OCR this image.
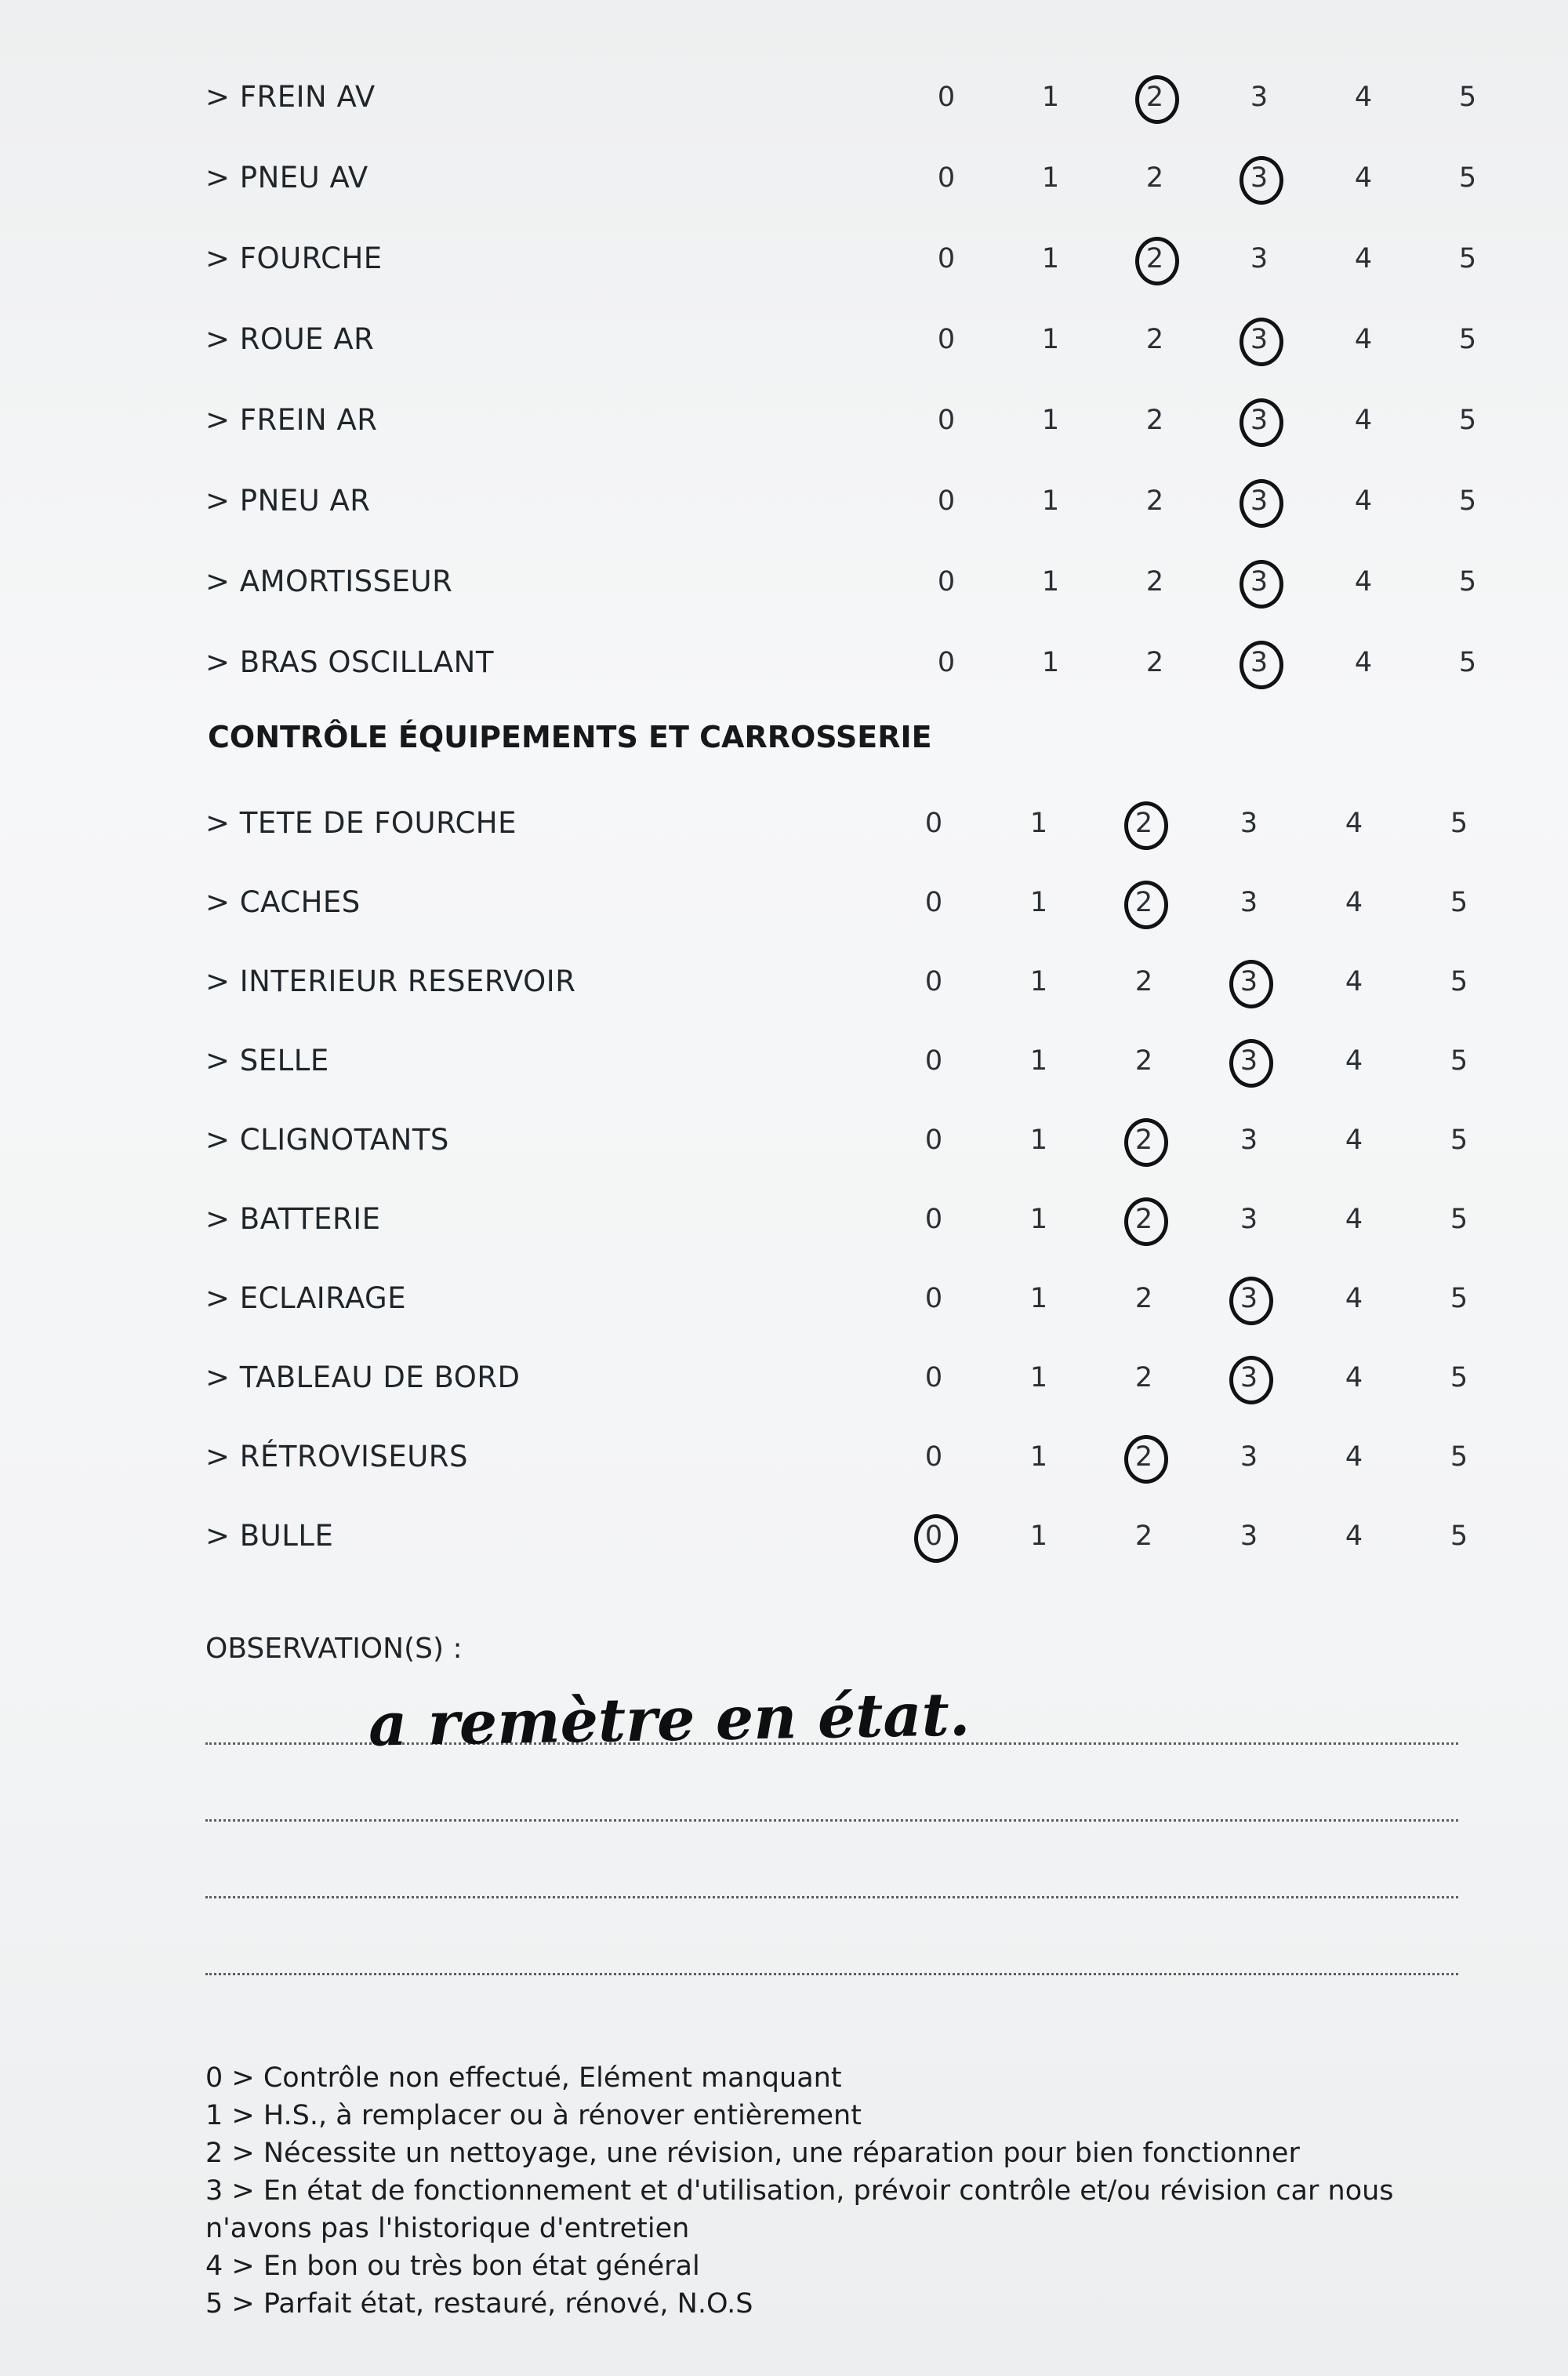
> FREIN AV	0	1	2	3	4	5
> PNEU AV	0	1	2	3	4	5
> FOURCHE	0	1	2	3	4	5
> ROUE AR	0	1	2	3	4	5
> FREIN AR	0	1	2	3	4	5
> PNEU AR	0	1	2	3	4	5
> AMORTISSEUR	0	1	2	3	4	5
> BRAS OSCILLANT	0	1	2	3	4	5
CONTRÔLE ÉQUIPEMENTS ET CARROSSERIE
> TETE DE FOURCHE	0	1	2	3	4	5
> CACHES	0	1	2	3	4	5
> INTERIEUR RESERVOIR	0	1	2	3	4	5
> SELLE	0	1	2	3	4	5
> CLIGNOTANTS	0	1	2	3	4	5
> BATTERIE	0	1	2	3	4	5
> ECLAIRAGE	0	1	2	3	4	5
> TABLEAU DE BORD	0	1	2	3	4	5
> RÉTROVISEURS	0	1	2	3	4	5
> BULLE	0	1	2	3	4	5
OBSERVATION(S) :
a remètre en état.
0 > Contrôle non effectué, Elément manquant
1 > H.S., à remplacer ou à rénover entièrement
2 > Nécessite un nettoyage, une révision, une réparation pour bien fonctionner
3 > En état de fonctionnement et d'utilisation, prévoir contrôle et/ou révision car nous
n'avons pas l'historique d'entretien
4 > En bon ou très bon état général
5 > Parfait état, restauré, rénové, N.O.S
